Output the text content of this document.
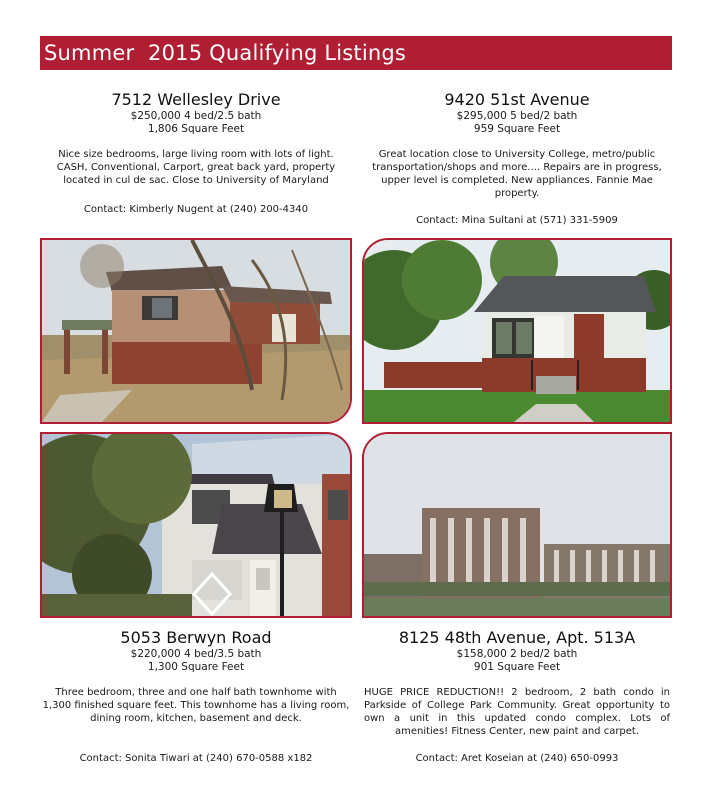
Summer  2015 Qualifying Listings
7512 Wellesley Drive
$250,000 4 bed/2.5 bath
1,806 Square Feet
Nice size bedrooms, large living room with lots of light. CASH, Conventional, Carport, great back yard, property located in cul de sac. Close to University of Maryland
Contact: Kimberly Nugent at (240) 200-4340
9420 51st Avenue
$295,000 5 bed/2 bath
959 Square Feet
Great location close to University College, metro/public transportation/shops and more.... Repairs are in progress, upper level is completed. New appliances. Fannie Mae property.
Contact: Mina Sultani at (571) 331-5909
5053 Berwyn Road
$220,000 4 bed/3.5 bath
1,300 Square Feet
Three bedroom, three and one half bath townhome with 1,300 finished square feet. This townhome has a living room, dining room, kitchen, basement and deck.
Contact: Sonita Tiwari at (240) 670-0588 x182
8125 48th Avenue, Apt. 513A
$158,000 2 bed/2 bath
901 Square Feet
HUGE PRICE REDUCTION!! 2 bedroom, 2 bath condo in Parkside of College Park Community. Great opportunity to own a unit in this updated condo complex. Lots of amenities! Fitness Center, new paint and carpet.
Contact: Aret Koseian at (240) 650-0993
